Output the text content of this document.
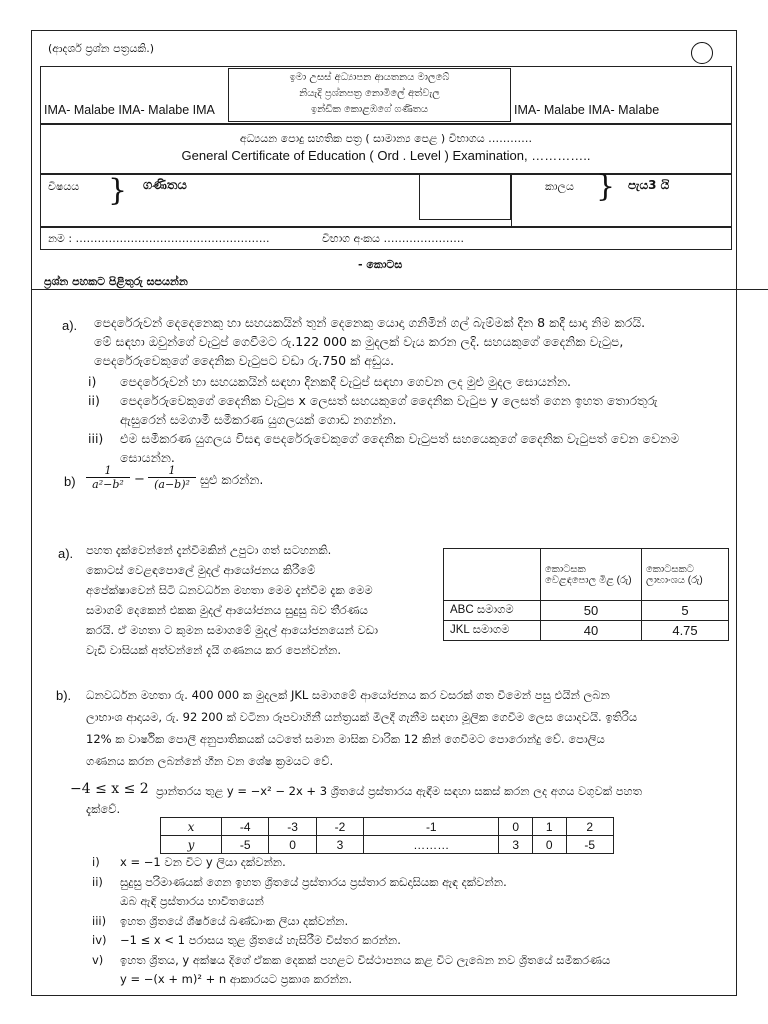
(ආදර්ශ ප්‍රශ්න පත්‍රයකි.)

IMA- Malabe IMA- Malabe IMA

ඉමා උසස් අධ්‍යාපන ආයතනය මාලබේ
නියැදි ප්‍රශ්නපත්‍ර නොමිලේ අත්වැල
ඉන්ඩික කොළඹගේ ගණිතය

	IMA- Malabe IMA- Malabe

අධ්‍යයන පොදු සහතික පත්‍ර ( සාමාන්‍ය පෙළ ) විභාගය …………
General Certificate of Education ( Ord . Level ) Examination, …………..
විෂයය } ගණිතය	කාලය } පැය3 යි
නම : ……………………………………………..	විභාග අංකය ………………….
- කොටස
ප්‍රශ්න පහකට පිළිතුරු සපයන්න
a). පෙදරේරුවන් දෙදෙනෙකු හා සහයකයින් තුන් දෙනෙකු යොදා ගනිමින් ගල් බැම්මක් දින 8 කදී සාදා නිම කරයි.
මේ සඳහා ඔවුන්ගේ වැටුප් ගෙවීමට රු.122 000 ක මුදලක් වැය කරන ලදි. සහයකුගේ දෛනික වැටුප,
පෙදරේරුවෙකුගේ දෛනික වැටුපට වඩා රු.750 ක් අඩුය.
i)	පෙදරේරුවන් හා සහයකයින් සඳහා දිනකදී වැටුප් සඳහා ගෙවන ලද මුළු මුදල සොයන්න.
ii)	පෙදරේරුවෙකුගේ දෛනික වැටුප x ලෙසත් සහයකුගේ දෛනික වැටුප y ලෙසත් ගෙන ඉහත තොරතුරු
ඇසුරෙන් සමගාමී සමීකරණ යුගලයක් ගොඩ නගන්න.
iii)	එම සමීකරණ යුගලය විසඳා පෙදරේරුවෙකුගේ දෛනික වැටුපත් සහයෙකුගේ දෛනික වැටුපත් වෙන වෙනම
සොයන්න.
b)
1
a²−b² −
1
(a−b)² සුළු කරන්න.
a). පහත දැක්වෙන්නේ දැන්වීමකින් උපුටා ගත් සටහනකි.
කොටස් වෙළඳපොලේ මුදල් ආයෝජනය කිරීමේ
අපේක්ෂාවෙන් සිටි ධනවර්ධන මහතා මෙම දැන්වීම දැක මෙම
සමාගම් දෙකෙන් එකක මුදල් ආයෝජනය සුදුසු බව තීරණය
කරයි. ඒ මහතා ට කුමන සමාගමේ මුදල් ආයෝජනයෙන් වඩා
වැඩි වාසියක් අත්වන්නේ දැයි ගණනය කර පෙන්වන්න.
	කොටසක වෙළඳපොල මිළ (රු)	කොටසකට ලාභාංශය (රු)
ABC සමාගම	50	5
JKL සමාගම	40	4.75
b). ධනවර්ධන මහතා රු. 400 000 ක මුදලක් JKL සමාගමේ ආයෝජනය කර වසරක් ගත වීමෙන් පසු එයින් ලබන
ලාභාංශ ආදායම, රු. 92 200 ක් වටිනා රූපවාහිනී යන්ත්‍රයක් මිලදී ගැනීම සඳහා මූලික ගෙවීම ලෙස යොදවයි. ඉතිරිය
12% ක වාර්ෂික පොලී අනුපාතිකයක් යටතේ සමාන මාසික වාරික 12 කින් ගෙවීමට පොරොන්දු වේ. පොලිය
ගණනය කරන ලබන්නේ හීන වන ශේෂ ක්‍රමයට වේ.
−4 ≤ x ≤ 2 ප්‍රාන්තරය තුළ y = −x² − 2x + 3 ශ්‍රිතයේ ප්‍රස්තාරය ඇඳීම සඳහා සකස් කරන ලද අගය වගුවක් පහත
දැක්වේ.
x	-4	-3	-2	-1	0	1	2
y	-5	0	3	………	3	0	-5
i)	x = −1 වන විට y ලියා දක්වන්න.
ii)	සුදුසු පරිමාණයක් ගෙන ඉහත ශ්‍රිතයේ ප්‍රස්තාරය ප්‍රස්තාර කඩදාසියක ඇඳ දක්වන්න.
ඔබ ඇඳි ප්‍රස්තාරය භාවිතයෙන්
iii)	ඉහත ශ්‍රිතයේ ශීර්ෂයේ ඛණ්ඩාංක ලියා දක්වන්න.
iv)	−1 ≤ x < 1 පරාසය තුළ ශ්‍රිතයේ හැසිරීම විස්තර කරන්න.
v)	ඉහත ශ්‍රිතය, y අක්ෂය දිගේ ඒකක දෙකක් පහළට විස්ථාපනය කළ විට ලැබෙන නව ශ්‍රිතයේ සමීකරණය
y = −(x + m)² + n ආකාරයට ප්‍රකාශ කරන්න.
